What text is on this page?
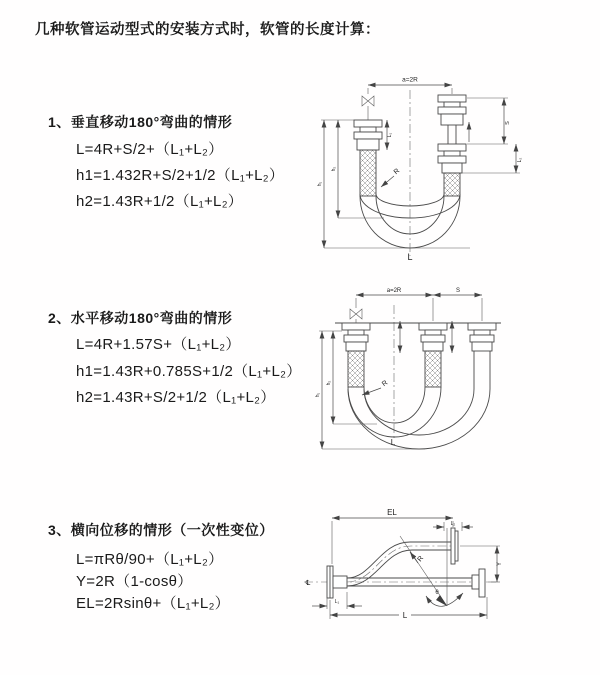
几种软管运动型式的安装方式时，软管的长度计算：
1、垂直移动180°弯曲的情形
L=4R+S/2+（L₁+L₂）
h1=1.432R+S/2+1/2（L₁+L₂）
h2=1.43R+1/2（L₁+L₂）
2、水平移动180°弯曲的情形
L=4R+1.57S+（L₁+L₂）
h1=1.43R+0.785S+1/2（L₁+L₂）
h2=1.43R+S/2+1/2（L₁+L₂）
3、横向位移的情形（一次性变位）
L=πRθ/90+（L₁+L₂）
Y=2R（1-cosθ）
EL=2Rsinθ+（L₁+L₂）
a=2R
L₁
S
L₂
h₁
h₂	R
L
a=2R	S
h₁
h₂	R
L
℄
EL
L₂
Y
θ
R
L₁
L
